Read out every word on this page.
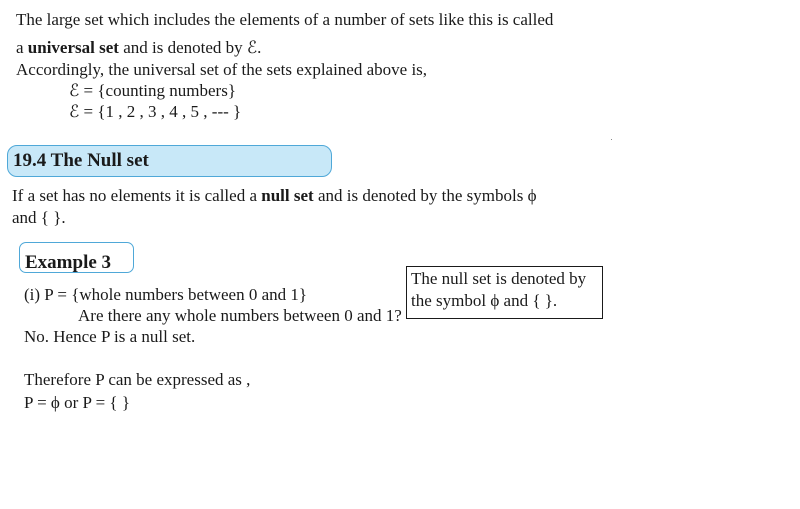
The large set which includes the elements of a number of sets like this is called
a universal set and is denoted by ℰ.
Accordingly, the universal set of the sets explained above is,
ℰ = {counting numbers}
ℰ = {1 , 2 , 3 , 4 , 5 , --- }
19.4 The Null set
If a set has no elements it is called a null set and is denoted by the symbols ϕ
and { }.
Example 3
(i) P = {whole numbers between 0 and 1}
Are there any whole numbers between 0 and 1?
No. Hence P is a null set.
Therefore P can be expressed as ,
P = ϕ or P = { }
The null set is denoted by
the symbol ϕ and { }.
